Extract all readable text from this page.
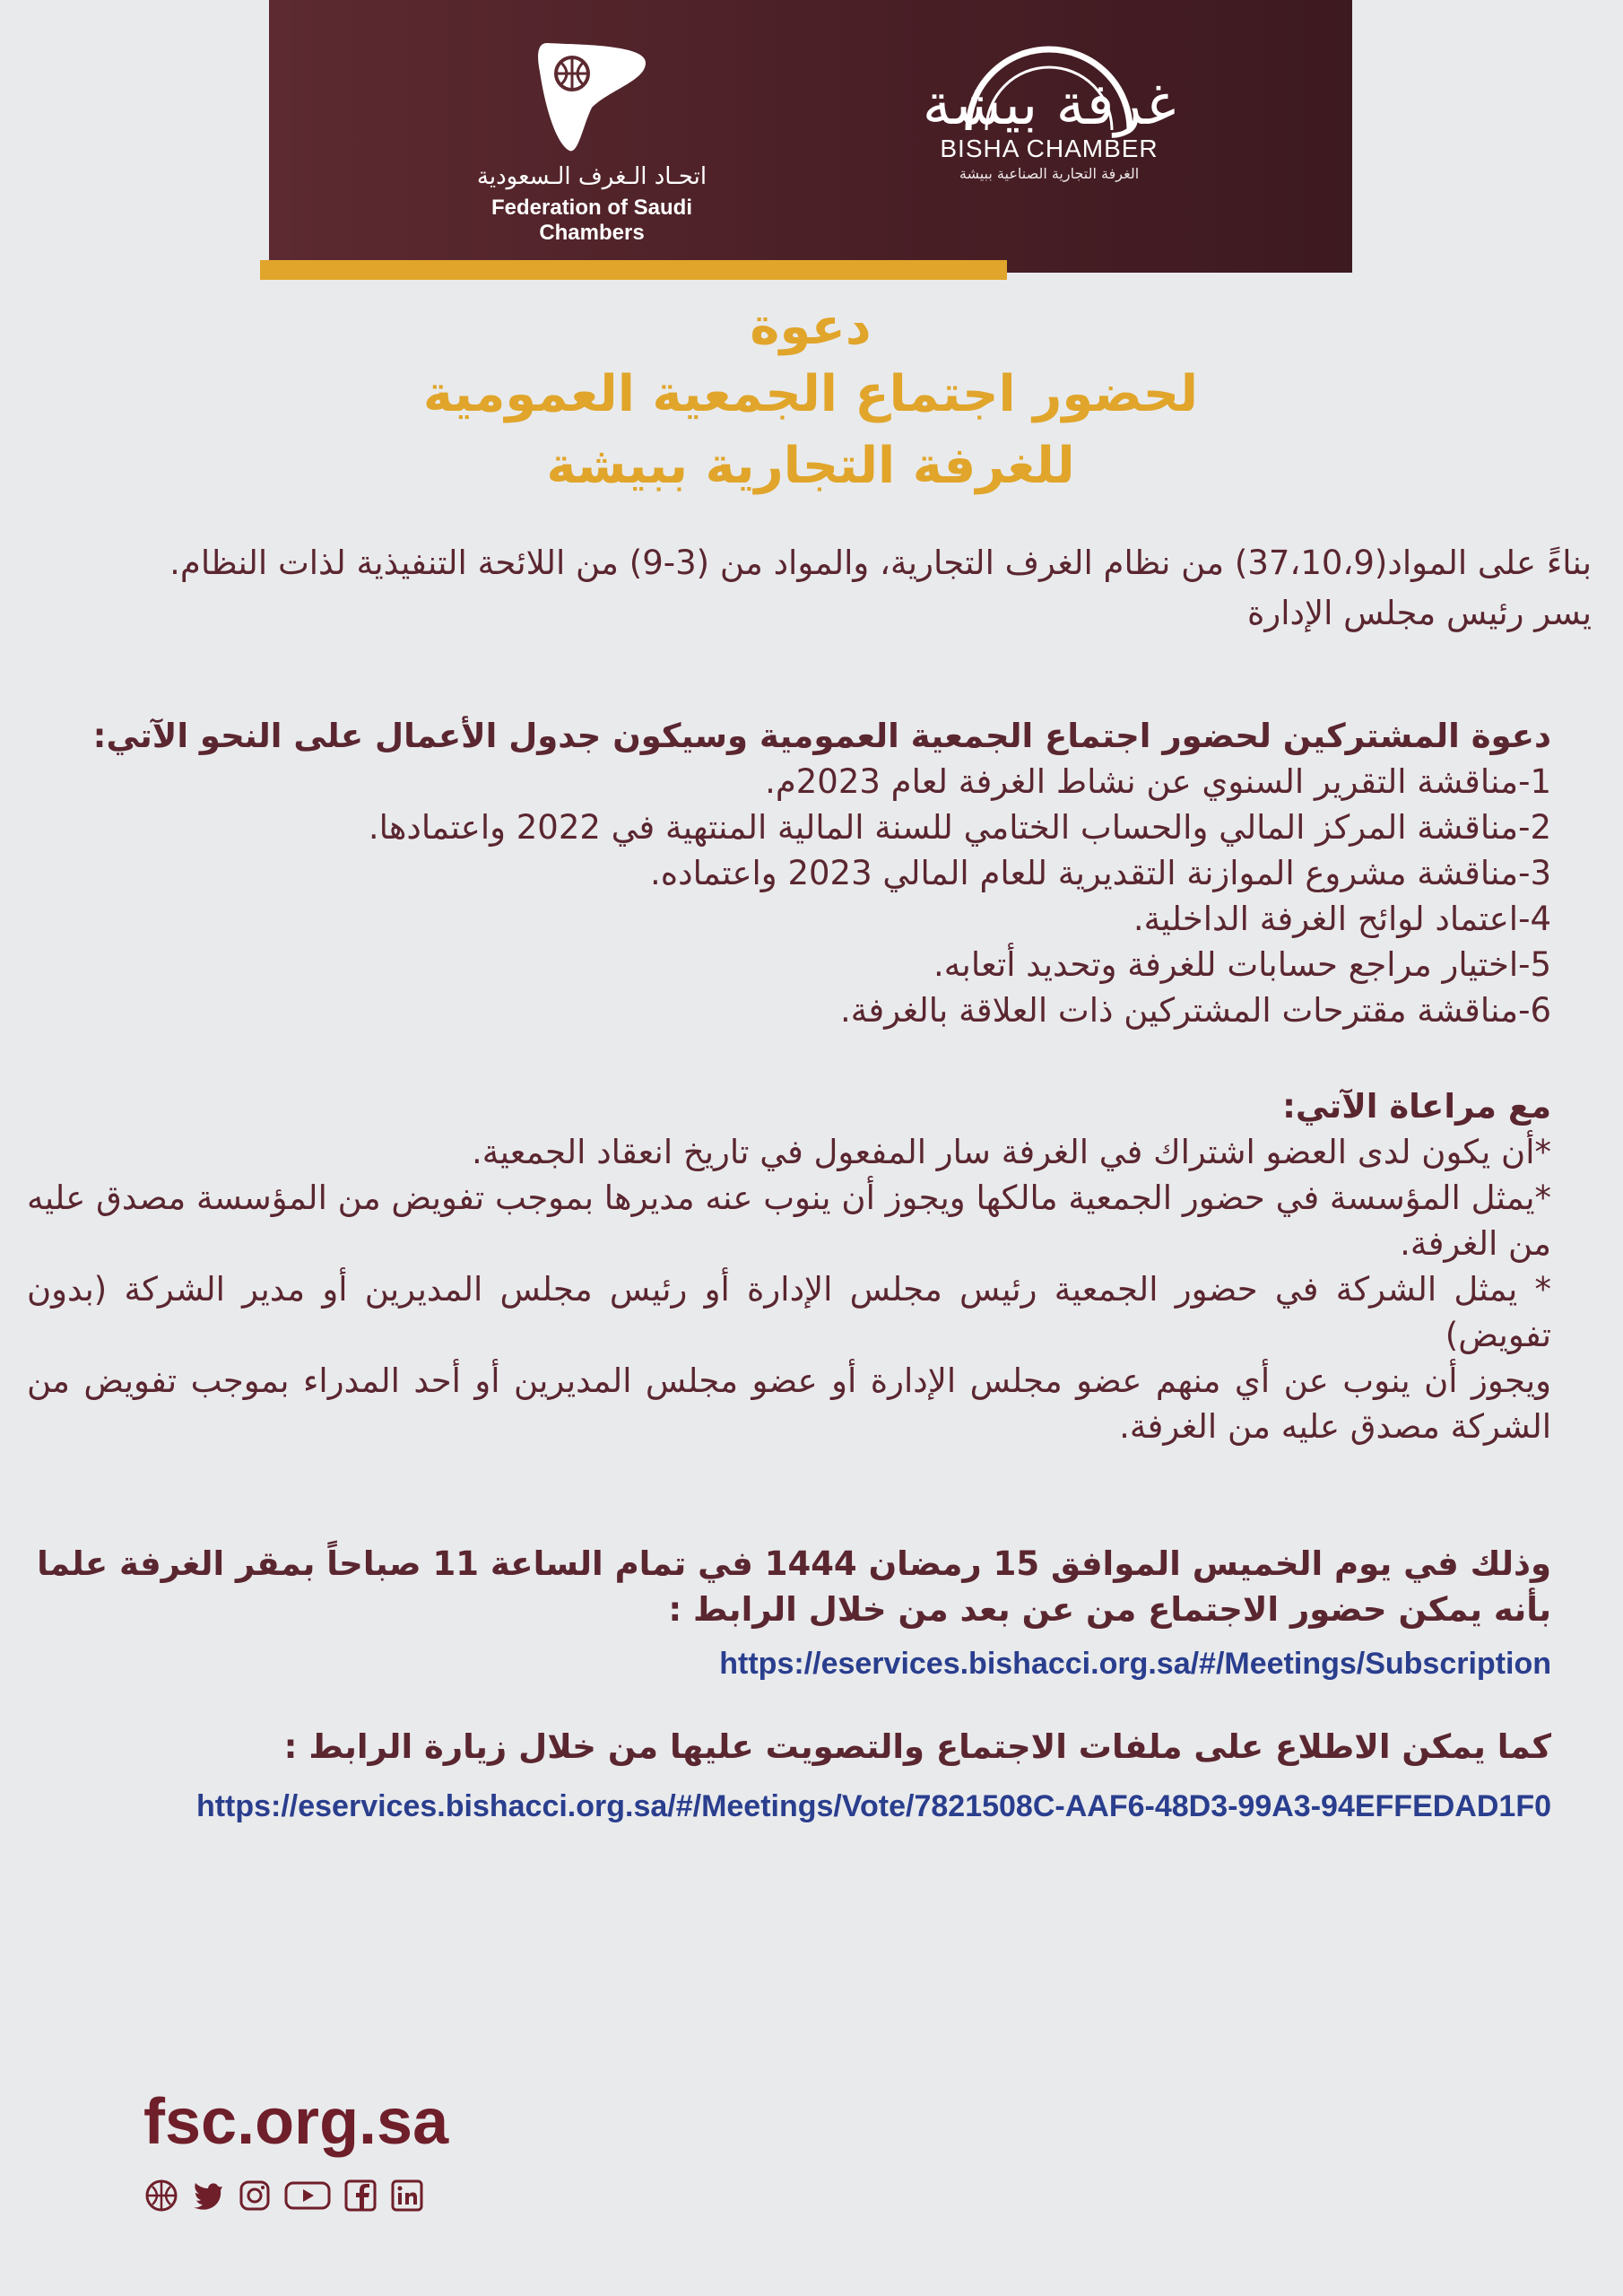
اتحـاد الـغرف الـسعودية
Federation of Saudi Chambers
غرفة بيشة
BISHA CHAMBER
الغرفة التجارية الصناعية ببيشة
دعوة
لحضور اجتماع الجمعية العمومية
للغرفة التجارية ببيشة

بناءً على المواد(37،10،9) من نظام الغرف التجارية، والمواد من (3-9) من اللائحة التنفيذية لذات النظام.

يسر رئيس مجلس الإدارة

دعوة المشتركين لحضور اجتماع الجمعية العمومية وسيكون جدول الأعمال على النحو الآتي:

1-مناقشة التقرير السنوي عن نشاط الغرفة لعام 2023م.

2-مناقشة المركز المالي والحساب الختامي للسنة المالية المنتهية في 2022 واعتمادها.

3-مناقشة مشروع الموازنة التقديرية للعام المالي 2023 واعتماده.

4-اعتماد لوائح الغرفة الداخلية.

5-اختيار مراجع حسابات للغرفة وتحديد أتعابه.

6-مناقشة مقترحات المشتركين ذات العلاقة بالغرفة.

مع مراعاة الآتي:

*أن يكون لدى العضو اشتراك في الغرفة سار المفعول في تاريخ انعقاد الجمعية.

*يمثل المؤسسة في حضور الجمعية مالكها ويجوز أن ينوب عنه مديرها بموجب تفويض من المؤسسة مصدق عليه من الغرفة.

* يمثل الشركة في حضور الجمعية رئيس مجلس الإدارة أو رئيس مجلس المديرين أو مدير الشركة (بدون تفويض)

ويجوز أن ينوب عن أي منهم عضو مجلس الإدارة أو عضو مجلس المديرين أو أحد المدراء بموجب تفويض من الشركة مصدق عليه من الغرفة.

وذلك في يوم الخميس الموافق 15 رمضان 1444 في تمام الساعة 11 صباحاً بمقر الغرفة علما بأنه يمكن حضور الاجتماع من عن بعد من خلال الرابط :

https://eservices.bishacci.org.sa/#/Meetings/Subscription

كما يمكن الاطلاع على ملفات الاجتماع والتصويت عليها من خلال زيارة الرابط :

https://eservices.bishacci.org.sa/#/Meetings/Vote/7821508C-AAF6-48D3-99A3-94EFFEDAD1F0

fsc.org.sa
